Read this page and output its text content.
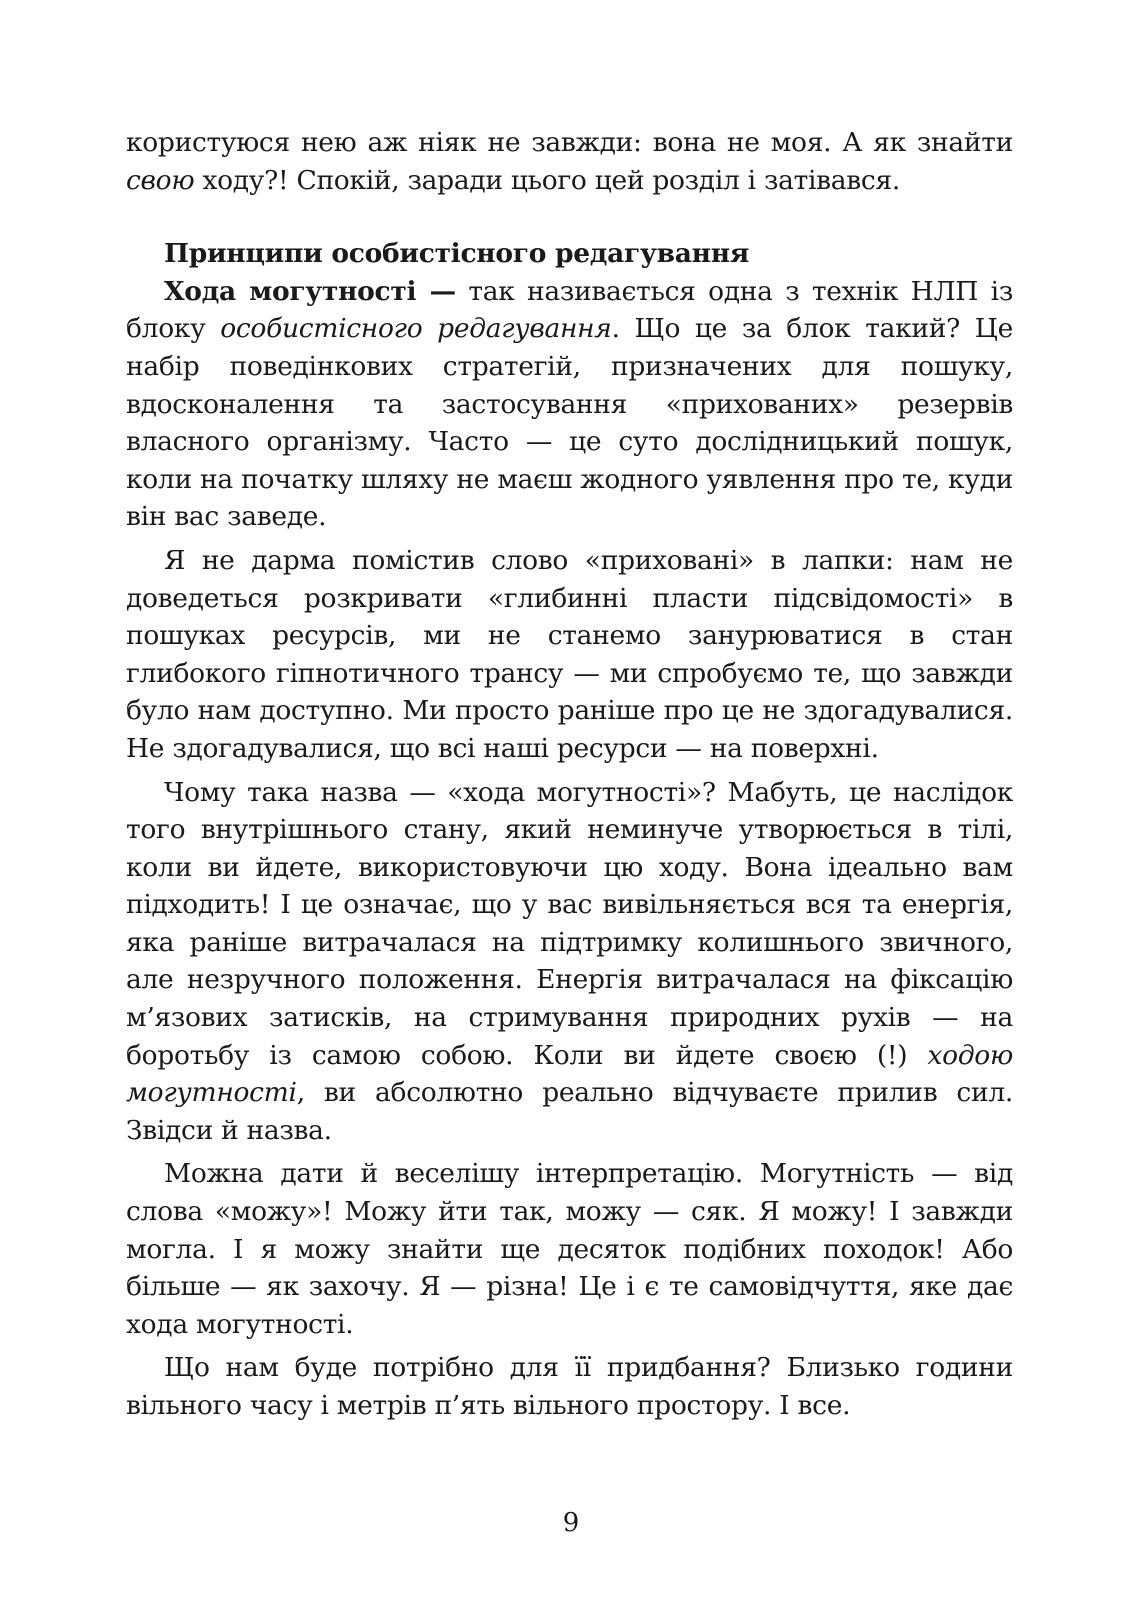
користуюся нею аж ніяк не завжди: вона не моя. А як знайти свою ходу?! Спокій, заради цього цей розділ і затівався.

Принципи особистісного редагування

Хода могутності — так називається одна з технік НЛП із блоку особистісного редагування. Що це за блок такий? Це набір поведінкових стратегій, призначених для пошуку, вдосконалення та застосування «прихованих» резервів власного організму. Часто — це суто дослідницький пошук, коли на початку шляху не маєш жодного уявлення про те, куди він вас заведе.

Я не дарма помістив слово «приховані» в лапки: нам не доведеться розкривати «глибинні пласти підсвідомості» в пошуках ресурсів, ми не станемо занурюватися в стан глибокого гіпнотичного трансу — ми спробуємо те, що завжди було нам доступно. Ми просто раніше про це не здогадувалися. Не здогадувалися, що всі наші ресурси — на поверхні.

Чому така назва — «хода могутності»? Мабуть, це наслідок того внутрішнього стану, який неминуче утворюється в тілі, коли ви йдете, використовуючи цю ходу. Вона ідеально вам підходить! І це означає, що у вас вивільняється вся та енергія, яка раніше витрачалася на підтримку колишнього звичного, але незручного положення. Енергія витрачалася на фіксацію м’язових затисків, на стримування природних рухів — на боротьбу із самою собою. Коли ви йдете своєю (!) ходою могутності, ви абсолютно реально відчуваєте прилив сил. Звідси й назва.

Можна дати й веселішу інтерпретацію. Могутність — від слова «можу»! Можу йти так, можу — сяк. Я можу! І завжди могла. І я можу знайти ще десяток подібних походок! Або більше — як захочу. Я — різна! Це і є те самовідчуття, яке дає хода могутності.

Що нам буде потрібно для її придбання? Близько години вільного часу і метрів п’ять вільного простору. І все.

9
